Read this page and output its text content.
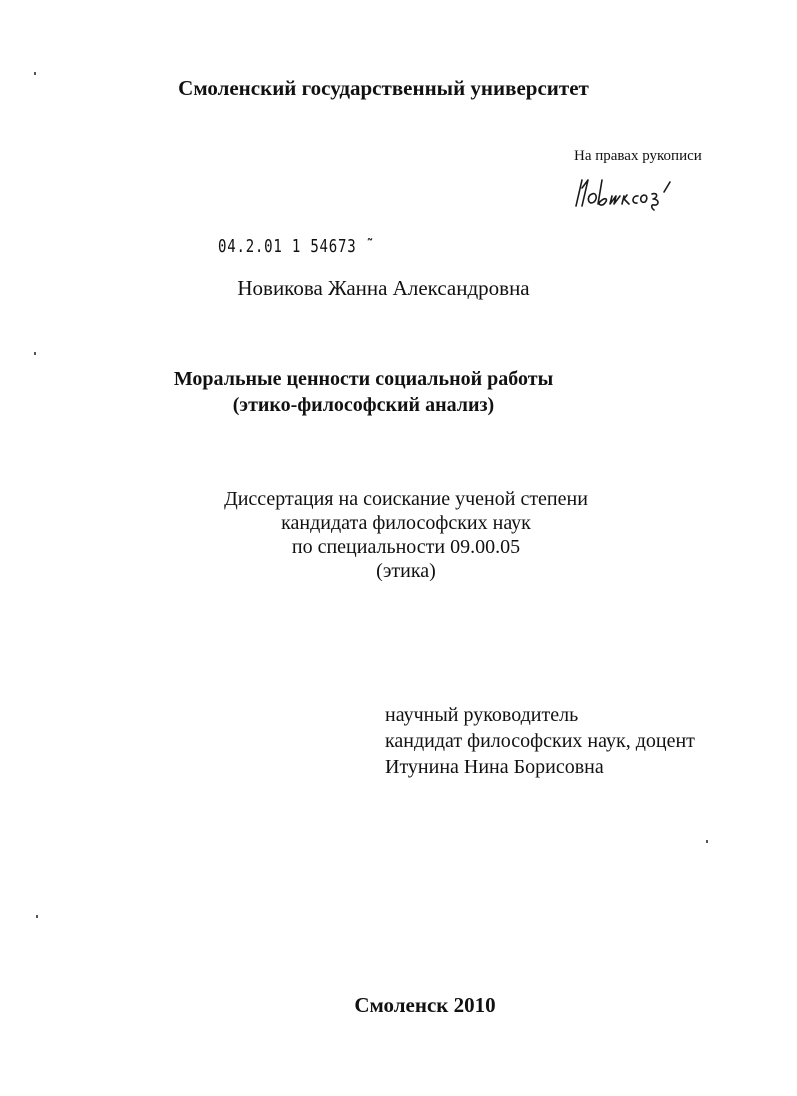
Смоленский государственный университет
На правах рукописи
04.2.01 1 54673 ˜
Новикова Жанна Александровна
Моральные ценности социальной работы
(этико-философский анализ)
Диссертация на соискание ученой степени
кандидата философских наук
по специальности 09.00.05
(этика)
научный руководитель
кандидат философских наук, доцент
Итунина Нина Борисовна
Смоленск 2010
